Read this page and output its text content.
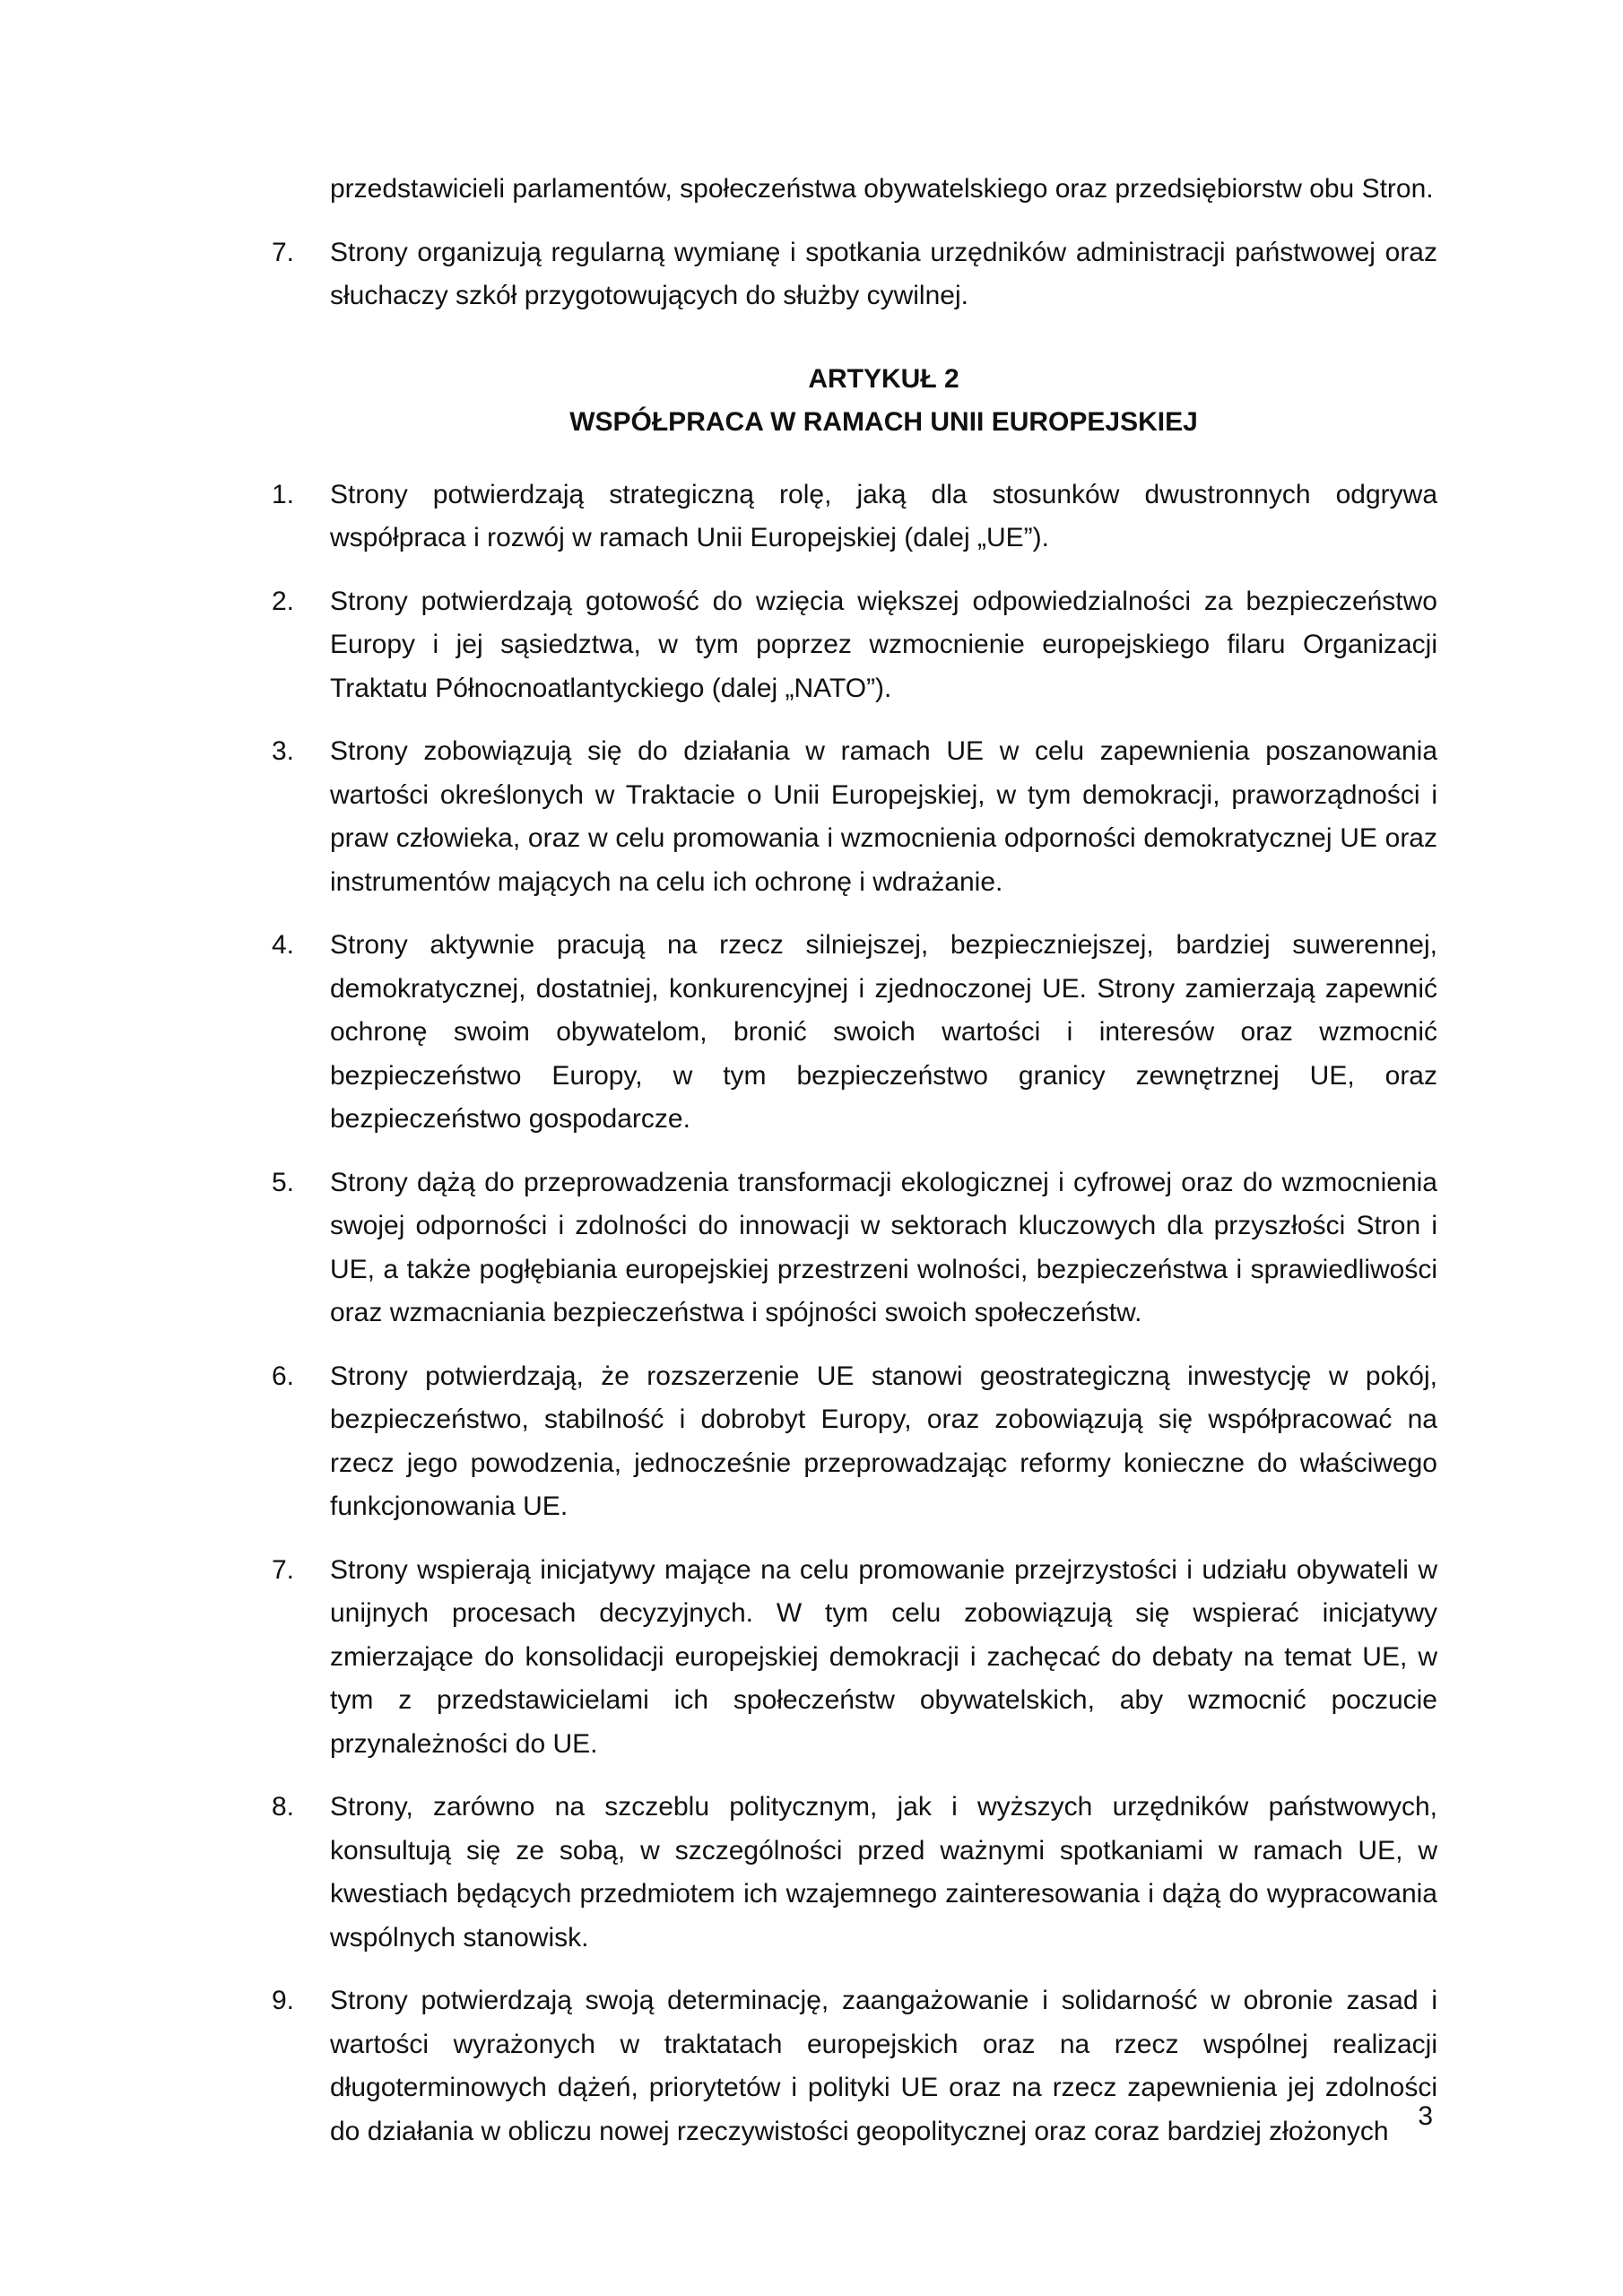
przedstawicieli parlamentów, społeczeństwa obywatelskiego oraz przedsiębiorstw obu Stron.

7.	Strony organizują regularną wymianę i spotkania urzędników administracji państwowej oraz słuchaczy szkół przygotowujących do służby cywilnej.

ARTYKUŁ 2

WSPÓŁPRACA W RAMACH UNII EUROPEJSKIEJ

1.	Strony potwierdzają strategiczną rolę, jaką dla stosunków dwustronnych odgrywa współpraca i rozwój w ramach Unii Europejskiej (dalej „UE”).
2.	Strony potwierdzają gotowość do wzięcia większej odpowiedzialności za bezpieczeństwo Europy i jej sąsiedztwa, w tym poprzez wzmocnienie europejskiego filaru Organizacji Traktatu Północnoatlantyckiego (dalej „NATO”).
3.	Strony zobowiązują się do działania w ramach UE w celu zapewnienia poszanowania wartości określonych w Traktacie o Unii Europejskiej, w tym demokracji, praworządności i praw człowieka, oraz w celu promowania i wzmocnienia odporności demokratycznej UE oraz instrumentów mających na celu ich ochronę i wdrażanie.
4.	Strony aktywnie pracują na rzecz silniejszej, bezpieczniejszej, bardziej suwerennej, demokratycznej, dostatniej, konkurencyjnej i zjednoczonej UE. Strony zamierzają zapewnić ochronę swoim obywatelom, bronić swoich wartości i interesów oraz wzmocnić bezpieczeństwo Europy, w tym bezpieczeństwo granicy zewnętrznej UE, oraz bezpieczeństwo gospodarcze.
5.	Strony dążą do przeprowadzenia transformacji ekologicznej i cyfrowej oraz do wzmocnienia swojej odporności i zdolności do innowacji w sektorach kluczowych dla przyszłości Stron i UE, a także pogłębiania europejskiej przestrzeni wolności, bezpieczeństwa i sprawiedliwości oraz wzmacniania bezpieczeństwa i spójności swoich społeczeństw.
6.	Strony potwierdzają, że rozszerzenie UE stanowi geostrategiczną inwestycję w pokój, bezpieczeństwo, stabilność i dobrobyt Europy, oraz zobowiązują się współpracować na rzecz jego powodzenia, jednocześnie przeprowadzając reformy konieczne do właściwego funkcjonowania UE.
7.	Strony wspierają inicjatywy mające na celu promowanie przejrzystości i udziału obywateli w unijnych procesach decyzyjnych. W tym celu zobowiązują się wspierać inicjatywy zmierzające do konsolidacji europejskiej demokracji i zachęcać do debaty na temat UE, w tym z przedstawicielami ich społeczeństw obywatelskich, aby wzmocnić poczucie przynależności do UE.
8.	Strony, zarówno na szczeblu politycznym, jak i wyższych urzędników państwowych, konsultują się ze sobą, w szczególności przed ważnymi spotkaniami w ramach UE, w kwestiach będących przedmiotem ich wzajemnego zainteresowania i dążą do wypracowania wspólnych stanowisk.
9.	Strony potwierdzają swoją determinację, zaangażowanie i solidarność w obronie zasad i wartości wyrażonych w traktatach europejskich oraz na rzecz wspólnej realizacji długoterminowych dążeń, priorytetów i polityki UE oraz na rzecz zapewnienia jej zdolności do działania w obliczu nowej rzeczywistości geopolitycznej oraz coraz bardziej złożonych	3
